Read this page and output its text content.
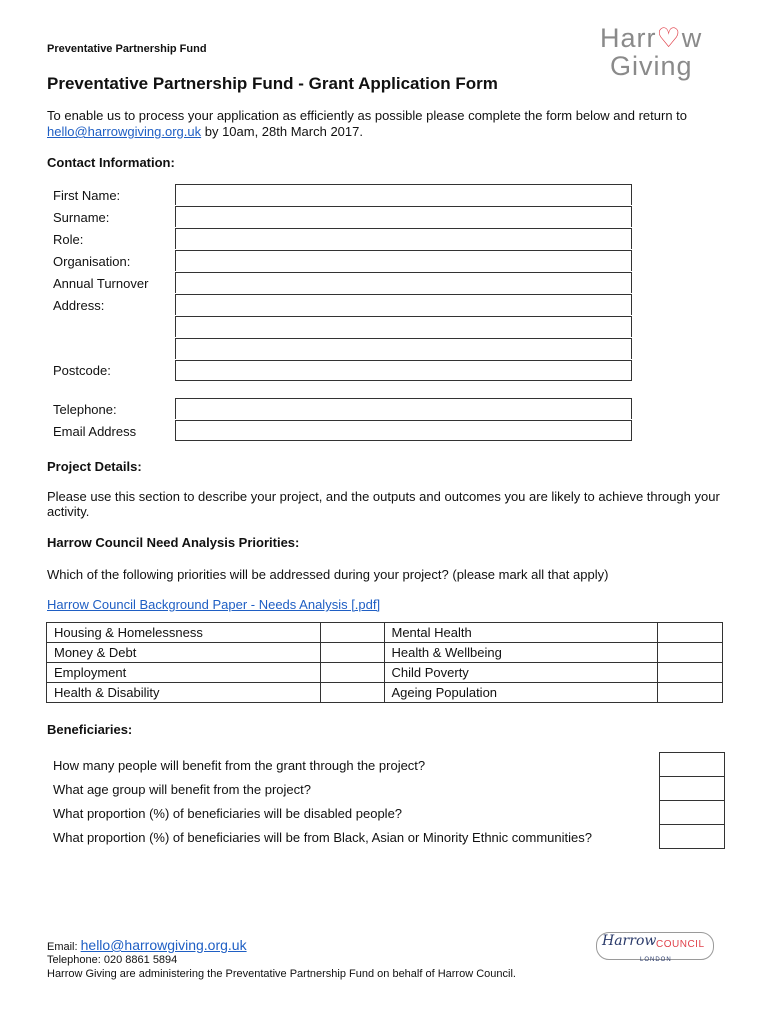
Preventative Partnership Fund	Harr♡w
Giving
Preventative Partnership Fund - Grant Application Form
To enable us to process your application as efficiently as possible please complete the form below and return to hello@harrowgiving.org.uk by 10am, 28th March 2017.
Contact Information:
First Name:
Surname:
Role:
Organisation:
Annual Turnover
Address:
Postcode:
Telephone:
Email Address
Project Details:
Please use this section to describe your project, and the outputs and outcomes you are likely to achieve through your activity.
Harrow Council Need Analysis Priorities:
Which of the following priorities will be addressed during your project? (please mark all that apply)
Harrow Council Background Paper - Needs Analysis [.pdf]
Housing & Homelessness		Mental Health	
Money & Debt		Health & Wellbeing	
Employment		Child Poverty	
Health & Disability		Ageing Population	
Beneficiaries:
How many people will benefit from the grant through the project?
What age group will benefit from the project?
What proportion (%) of beneficiaries will be disabled people?
What proportion (%) of beneficiaries will be from Black, Asian or Minority Ethnic communities?
Email: hello@harrowgiving.org.uk
Telephone: 020 8861 5894
Harrow Giving are administering the Preventative Partnership Fund on behalf of Harrow Council.
Harrow COUNCIL
LONDON
